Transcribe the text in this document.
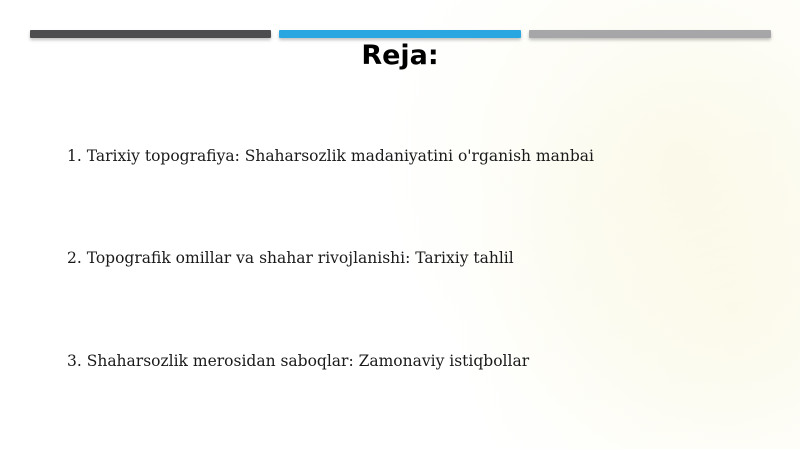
Reja:
1. Tarixiy topografiya: Shaharsozlik madaniyatini o'rganish manbai
2. Topografik omillar va shahar rivojlanishi: Tarixiy tahlil
3. Shaharsozlik merosidan saboqlar: Zamonaviy istiqbollar
